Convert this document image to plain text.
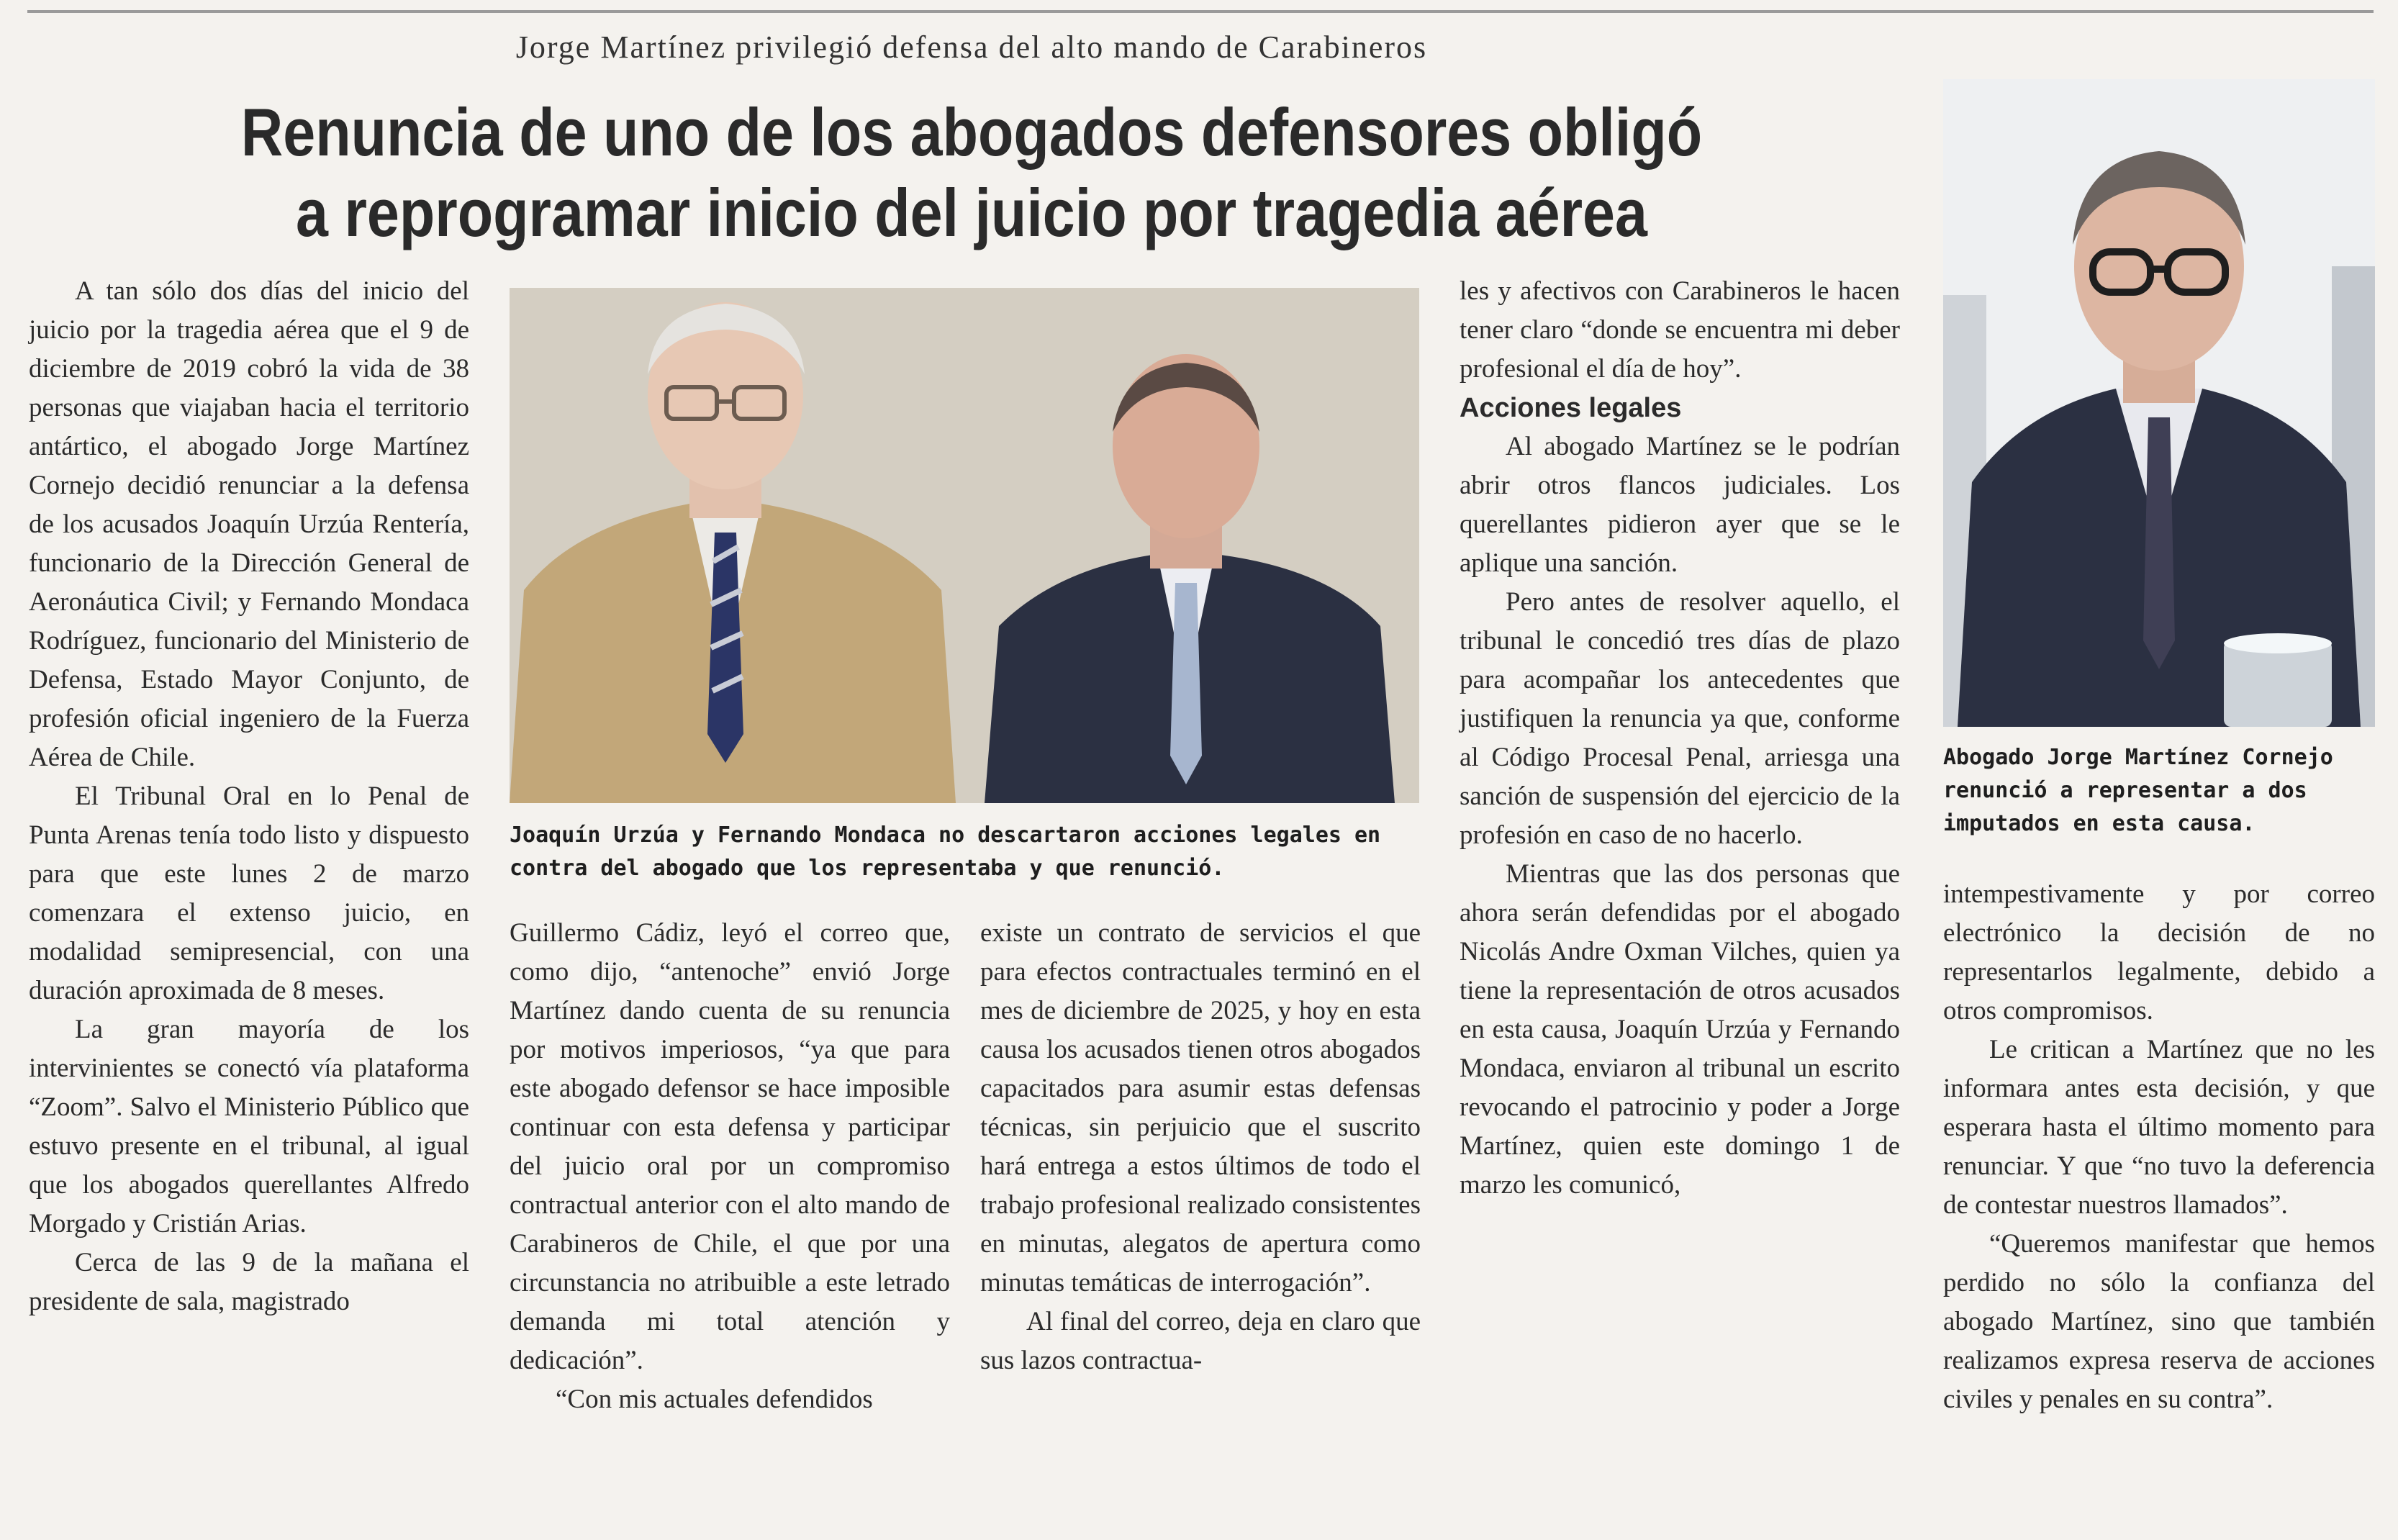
Jorge Martínez privilegió defensa del alto mando de Carabineros
Renuncia de uno de los abogados defensores obligó
a reprogramar inicio del juicio por tragedia aérea

A tan sólo dos días del inicio del juicio por la tragedia aérea que el 9 de diciembre de 2019 cobró la vida de 38 personas que viajaban hacia el territorio antártico, el abogado Jorge Martínez Cornejo decidió renunciar a la defensa de los acusados Joaquín Urzúa Rentería, funcionario de la Dirección General de Aeronáutica Civil; y Fernando Mondaca Rodríguez, funcionario del Ministerio de Defensa, Estado Mayor Conjunto, de profesión oficial ingeniero de la Fuerza Aérea de Chile.

El Tribunal Oral en lo Penal de Punta Arenas tenía todo listo y dispuesto para que este lunes 2 de marzo comenzara el extenso juicio, en modalidad semipresencial, con una duración aproximada de 8 meses.

La gran mayoría de los intervinientes se conectó vía plataforma “Zoom”. Salvo el Ministerio Público que estuvo presente en el tribunal, al igual que los abogados querellantes Alfredo Morgado y Cristián Arias.

Cerca de las 9 de la mañana el presidente de sala, magistrado

Joaquín Urzúa y Fernando Mondaca no descartaron acciones legales en contra del abogado que los representaba y que renunció.

Guillermo Cádiz, leyó el correo que, como dijo, “antenoche” envió Jorge Martínez dando cuenta de su renuncia por motivos imperiosos, “ya que para este abogado defensor se hace imposible continuar con esta defensa y participar del juicio oral por un compromiso contractual anterior con el alto mando de Carabineros de Chile, el que por una circunstancia no atribuible a este letrado demanda mi total atención y dedicación”.

“Con mis actuales defendidos

existe un contrato de servicios el que para efectos contractuales terminó en el mes de diciembre de 2025, y hoy en esta causa los acusados tienen otros abogados capacitados para asumir estas defensas técnicas, sin perjuicio que el suscrito hará entrega a estos últimos de todo el trabajo profesional realizado consistentes en minutas, alegatos de apertura como minutas temáticas de interrogación”.

Al final del correo, deja en claro que sus lazos contractua-

les y afectivos con Carabineros le hacen tener claro “donde se encuentra mi deber profesional el día de hoy”.

Acciones legales

Al abogado Martínez se le podrían abrir otros flancos judiciales. Los querellantes pidieron ayer que se le aplique una sanción.

Pero antes de resolver aquello, el tribunal le concedió tres días de plazo para acompañar los antecedentes que justifiquen la renuncia ya que, conforme al Código Procesal Penal, arriesga una sanción de suspensión del ejercicio de la profesión en caso de no hacerlo.

Mientras que las dos personas que ahora serán defendidas por el abogado Nicolás Andre Oxman Vilches, quien ya tiene la representación de otros acusados en esta causa, Joaquín Urzúa y Fernando Mondaca, enviaron al tribunal un escrito revocando el patrocinio y poder a Jorge Martínez, quien este domingo 1 de marzo les comunicó,

Abogado Jorge Martínez Cornejo renunció a representar a dos imputados en esta causa.

intempestivamente y por correo electrónico la decisión de no representarlos legalmente, debido a otros compromisos.

Le critican a Martínez que no les informara antes esta decisión, y que esperara hasta el último momento para renunciar. Y que “no tuvo la deferencia de contestar nuestros llamados”.

“Queremos manifestar que hemos perdido no sólo la confianza del abogado Martínez, sino que también realizamos expresa reserva de acciones civiles y penales en su contra”.
